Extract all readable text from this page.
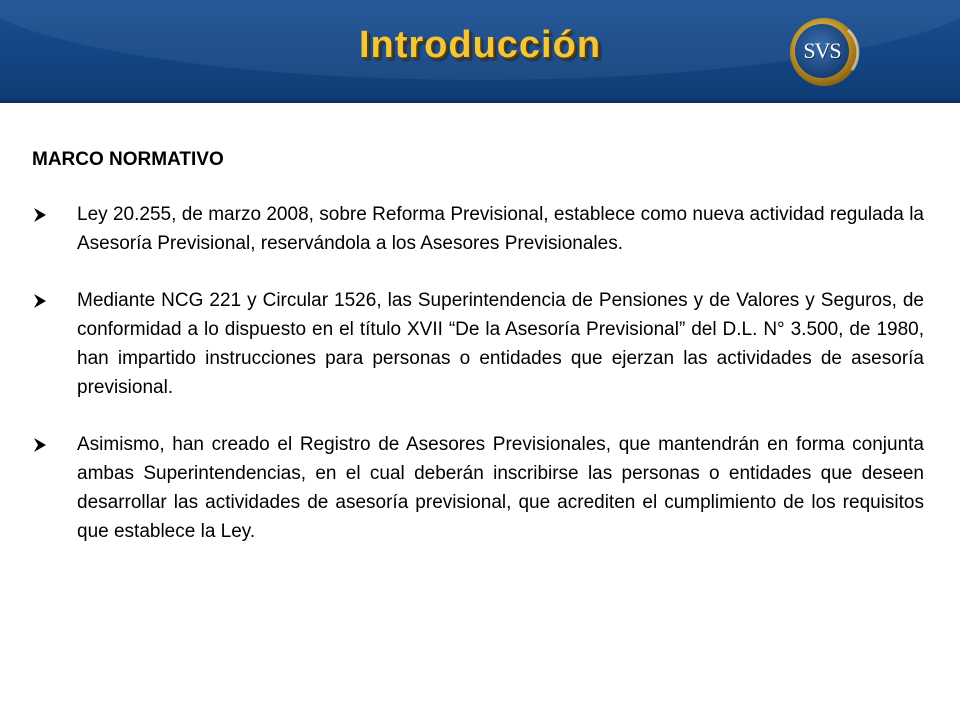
Introducción	SVS
MARCO NORMATIVO
Ley 20.255, de marzo 2008, sobre Reforma Previsional, establece como nueva actividad regulada la Asesoría Previsional, reservándola a los Asesores Previsionales.
Mediante NCG 221 y Circular 1526, las Superintendencia de Pensiones y de Valores y Seguros, de conformidad a lo dispuesto en el título XVII “De la Asesoría Previsional” del D.L. N° 3.500, de 1980, han impartido instrucciones para personas o entidades que ejerzan las actividades de asesoría previsional.
Asimismo, han creado el Registro de Asesores Previsionales, que mantendrán en forma conjunta ambas Superintendencias, en el cual deberán inscribirse las personas o entidades que deseen desarrollar las actividades de asesoría previsional, que acrediten el cumplimiento de los requisitos que establece la Ley.
